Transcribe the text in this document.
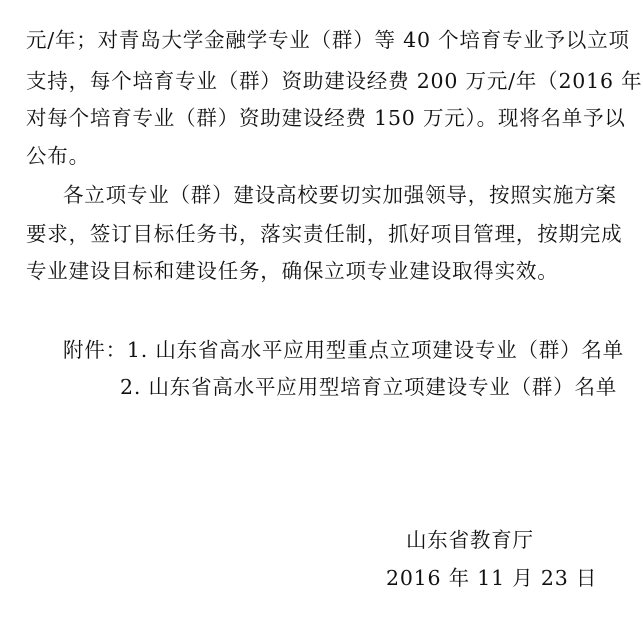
元/年；对青岛大学金融学专业（群）等 40 个培育专业予以立项
支持，每个培育专业（群）资助建设经费 200 万元/年（2016 年
对每个培育专业（群）资助建设经费 150 万元）。现将名单予以
公布。
各立项专业（群）建设高校要切实加强领导，按照实施方案
要求，签订目标任务书，落实责任制，抓好项目管理，按期完成
专业建设目标和建设任务，确保立项专业建设取得实效。
附件：1. 山东省高水平应用型重点立项建设专业（群）名单
2. 山东省高水平应用型培育立项建设专业（群）名单
山东省教育厅
2016 年 11 月 23 日
